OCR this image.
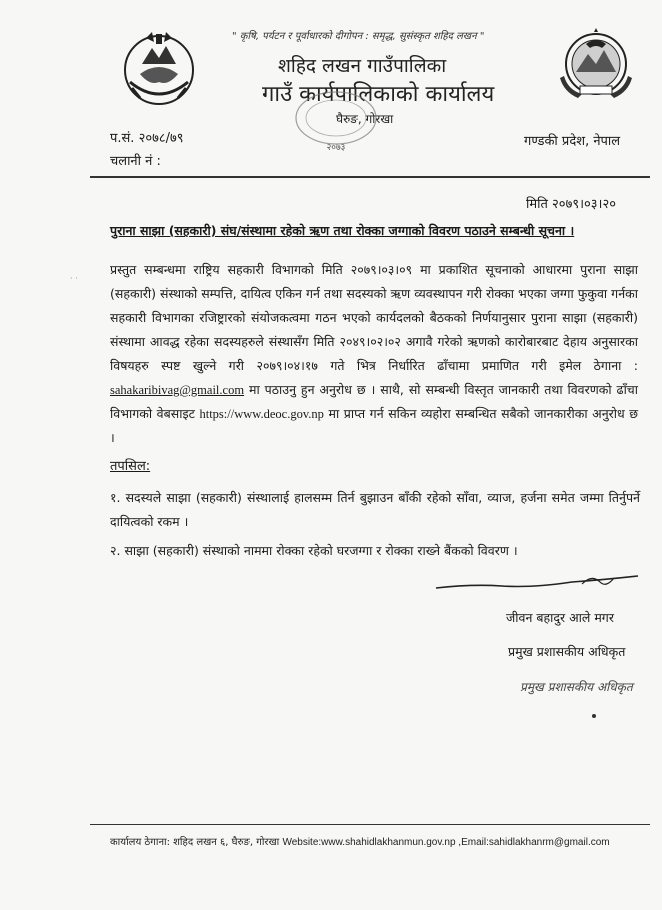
" कृषि, पर्यटन र पूर्वाधारको दीगोपन : समृद्ध, सुसंस्कृत शहिद लखन "
शहिद लखन गाउँपालिका
गाउँ कार्यपालिकाको कार्यालय
घैरुङ, गोरखा
२०७३
प.सं. २०७८/७९
चलानी नं :
गण्डकी प्रदेश, नेपाल
मिति २०७९।०३।२०
पुराना साझा (सहकारी) संघ/संस्थामा रहेको ऋण तथा रोक्का जग्गाको विवरण पठाउने सम्बन्धी सूचना ।
· ·
प्रस्तुत सम्बन्धमा राष्ट्रिय सहकारी विभागको मिति २०७९।०३।०९ मा प्रकाशित सूचनाको आधारमा पुराना साझा (सहकारी) संस्थाको सम्पत्ति, दायित्व एकिन गर्न तथा सदस्यको ऋण व्यवस्थापन गरी रोक्का भएका जग्गा फुकुवा गर्नका सहकारी विभागका रजिष्ट्रारको संयोजकत्वमा गठन भएको कार्यदलको बैठकको निर्णयानुसार पुराना साझा (सहकारी) संस्थामा आवद्ध रहेका सदस्यहरुले संस्थासँग मिति २०४९।०२।०२ अगावै गरेको ऋणको कारोबारबाट देहाय अनुसारका विषयहरु स्पष्ट खुल्ने गरी २०७९।०४।१७ गते भित्र निर्धारित ढाँचामा प्रमाणित गरी इमेल ठेगाना : sahakaribivag@gmail.com मा पठाउनु हुन अनुरोध छ । साथै, सो सम्बन्धी विस्तृत जानकारी तथा विवरणको ढाँचा विभागको वेबसाइट https://www.deoc.gov.np मा प्राप्त गर्न सकिन व्यहोरा सम्बन्धित सबैको जानकारीका अनुरोध छ ।
तपसिल:
१. सदस्यले साझा (सहकारी) संस्थालाई हालसम्म तिर्न बुझाउन बाँकी रहेको साँवा, व्याज, हर्जना समेत जम्मा तिर्नुपर्ने दायित्वको रकम ।
२. साझा (सहकारी) संस्थाको नाममा रोक्का रहेको घरजग्गा र रोक्का राख्ने बैंकको विवरण ।
जीवन बहादुर आले मगर
प्रमुख प्रशासकीय अधिकृत
प्रमुख प्रशासकीय अधिकृत
कार्यालय ठेगाना: शहिद लखन ६, घैरुङ, गोरखा Website:www.shahidlakhanmun.gov.np ,Email:sahidlakhanrm@gmail.com
